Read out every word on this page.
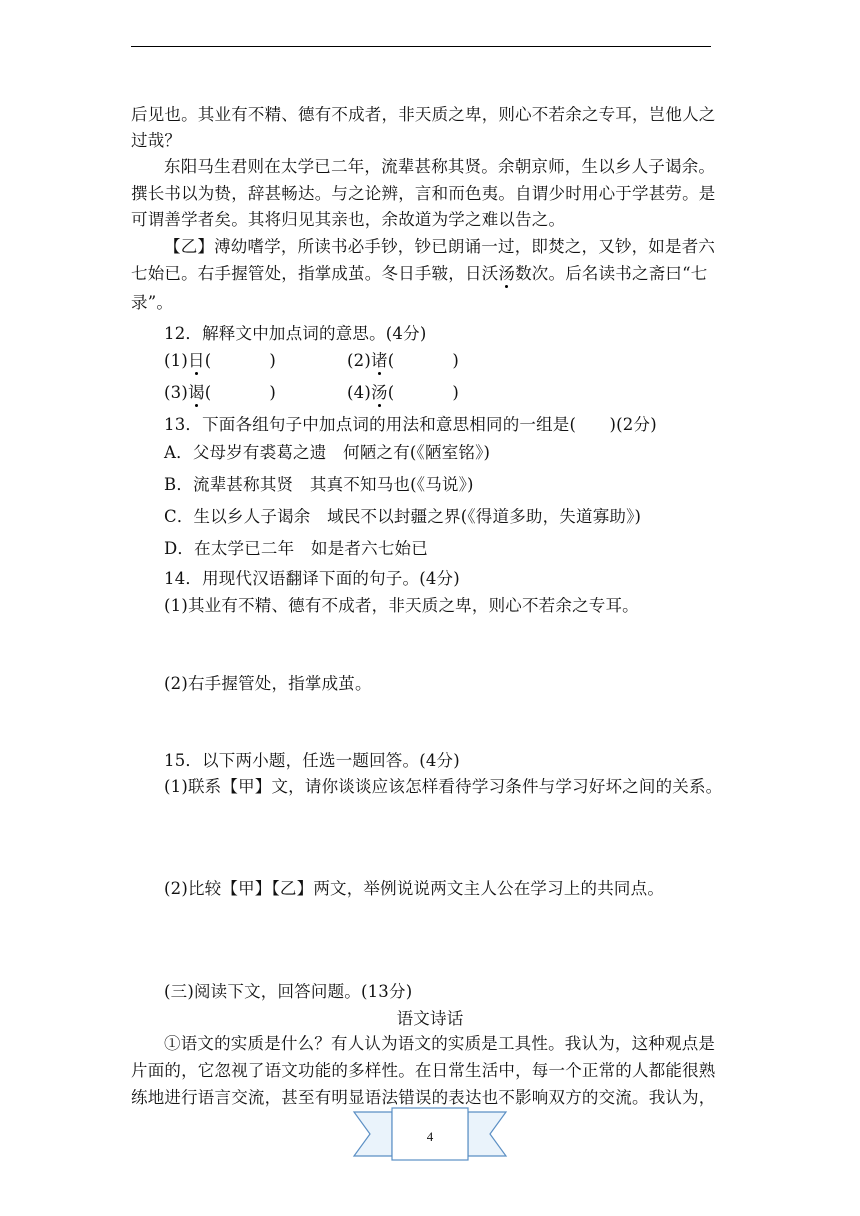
后见也。其业有不精、德有不成者，非天质之卑，则心不若余之专耳，岂他人之
过哉？
东阳马生君则在太学已二年，流辈甚称其贤。余朝京师，生以乡人子谒余。
撰长书以为贽，辞甚畅达。与之论辨，言和而色夷。自谓少时用心于学甚劳。是
可谓善学者矣。其将归见其亲也，余故道为学之难以告之。
【乙】溥幼嗜学，所读书必手钞，钞已朗诵一过，即焚之，又钞，如是者六
七始已。右手握管处，指掌成茧。冬日手皲，日沃汤数次。后名读书之斋曰“七
录”。
12．解释文中加点词的意思。(4分)
(1)日(	)	(2)诸(	)
(3)谒(	)	(4)汤(	)
13．下面各组句子中加点词的用法和意思相同的一组是(　　)(2分)
A．父母岁有裘葛之遗　何陋之有(《陋室铭》)
B．流辈甚称其贤　其真不知马也(《马说》)
C．生以乡人子谒余　域民不以封疆之界(《得道多助，失道寡助》)
D．在太学已二年　如是者六七始已
14．用现代汉语翻译下面的句子。(4分)
(1)其业有不精、德有不成者，非天质之卑，则心不若余之专耳。
(2)右手握管处，指掌成茧。
15．以下两小题，任选一题回答。(4分)
(1)联系【甲】文，请你谈谈应该怎样看待学习条件与学习好坏之间的关系。
(2)比较【甲】【乙】两文，举例说说两文主人公在学习上的共同点。
(三)阅读下文，回答问题。(13分)
语文诗话
①语文的实质是什么？有人认为语文的实质是工具性。我认为，这种观点是
片面的，它忽视了语文功能的多样性。在日常生活中，每一个正常的人都能很熟
练地进行语言交流，甚至有明显语法错误的表达也不影响双方的交流。我认为，
4
